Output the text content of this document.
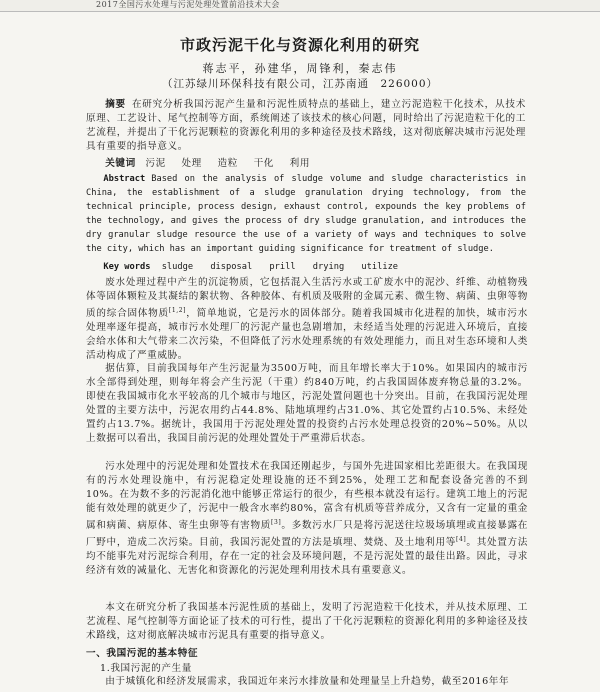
2017全国污水处理与污泥处理处置前沿技术大会
市政污泥干化与资源化利用的研究
蒋志平，孙建华，周锋利，秦志伟
（江苏绿川环保科技有限公司，江苏南通　226000）
摘要 在研究分析我国污泥产生量和污泥性质特点的基础上，建立污泥造粒干化技术，从技术原理、工艺设计、尾气控制等方面，系统阐述了该技术的核心问题，同时给出了污泥造粒干化的工艺流程，并提出了干化污泥颗粒的资源化利用的多种途径及技术路线，这对彻底解决城市污泥处理具有重要的指导意义。
关键词 污泥 处理 造粒 干化 利用
Abstract Based on the analysis of sludge volume and sludge characteristics in China, the establishment of a sludge granulation drying technology, from the technical principle, process design, exhaust control, expounds the key problems of the technology, and gives the process of dry sludge granulation, and introduces the dry granular sludge resource the use of a variety of ways and techniques to solve the city, which has an important guiding significance for treatment of sludge.
Key words sludge disposal prill drying utilize
废水处理过程中产生的沉淀物质，它包括混入生活污水或工矿废水中的泥沙、纤维、动植物残体等固体颗粒及其凝结的絮状物、各种胶体、有机质及吸附的金属元素、微生物、病菌、虫卵等物质的综合固体物质[1,2]，简单地说，它是污水的固体部分。随着我国城市化进程的加快，城市污水处理率逐年提高，城市污水处理厂的污泥产量也急剧增加，未经适当处理的污泥进入环境后，直接会给水体和大气带来二次污染，不但降低了污水处理系统的有效处理能力，而且对生态环境和人类活动构成了严重威胁。
据估算，目前我国每年产生污泥量为3500万吨，而且年增长率大于10%。如果国内的城市污水全部得到处理，则每年将会产生污泥（干重）约840万吨，约占我国固体废弃物总量的3.2%。即使在我国城市化水平较高的几个城市与地区，污泥处置问题也十分突出。目前，在我国污泥处理处置的主要方法中，污泥农用约占44.8%、陆地填埋约占31.0%、其它处置约占10.5%、未经处置约占13.7%。据统计，我国用于污泥处理处置的投资约占污水处理总投资的20%~50%。从以上数据可以看出，我国目前污泥的处理处置处于严重滞后状态。
污水处理中的污泥处理和处置技术在我国还刚起步，与国外先进国家相比差距很大。在我国现有的污水处理设施中，有污泥稳定处理设施的还不到25%，处理工艺和配套设备完善的不到10%。在为数不多的污泥消化池中能够正常运行的很少，有些根本就没有运行。建筑工地上的污泥能有效处理的就更少了，污泥中一般含水率约80%，富含有机质等营养成分，又含有一定量的重金属和病菌、病原体、寄生虫卵等有害物质[3]。多数污水厂只是将污泥送往垃圾场填埋或直接暴露在厂野中，造成二次污染。目前，我国污泥处置的方法是填埋、焚烧、及土地利用等[4]。其处置方法均不能事先对污泥综合利用，存在一定的社会及环境问题，不是污泥处置的最佳出路。因此，寻求经济有效的减量化、无害化和资源化的污泥处理利用技术具有重要意义。
本文在研究分析了我国基本污泥性质的基础上，发明了污泥造粒干化技术，并从技术原理、工艺流程、尾气控制等方面论证了技术的可行性，提出了干化污泥颗粒的资源化利用的多种途径及技术路线，这对彻底解决城市污泥具有重要的指导意义。
一、我国污泥的基本特征
1.我国污泥的产生量
由于城镇化和经济发展需求，我国近年来污水排放量和处理量呈上升趋势，截至2016年年
